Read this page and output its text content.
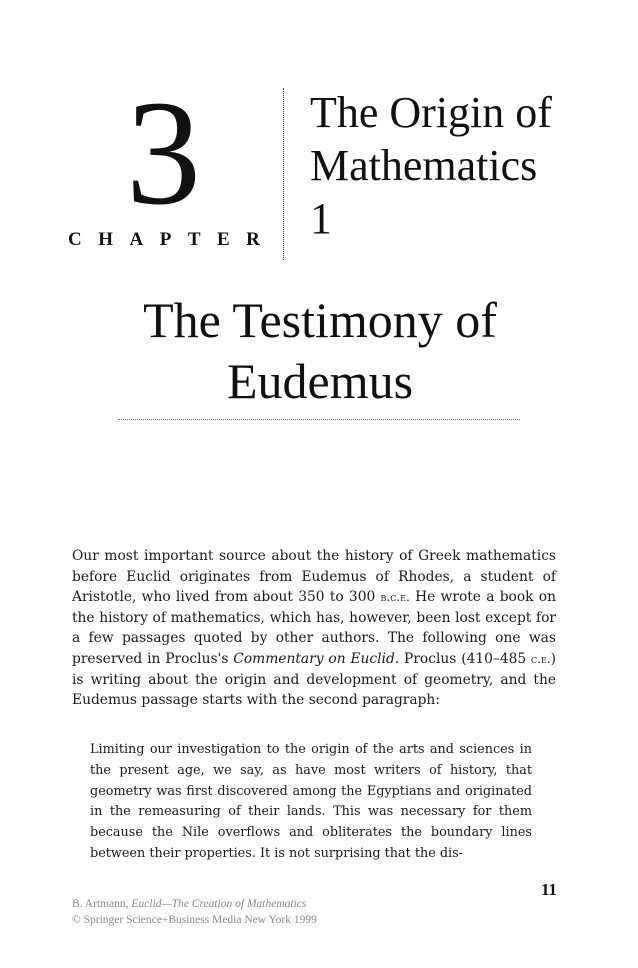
3
CHAPTER
The Origin of
Mathematics
1
The Testimony of
Eudemus
Our most important source about the history of Greek mathematics before Euclid originates from Eudemus of Rhodes, a student of Aristotle, who lived from about 350 to 300 b.c.e. He wrote a book on the history of mathematics, which has, however, been lost except for a few passages quoted by other authors. The following one was preserved in Proclus's Commentary on Euclid. Proclus (410–485 c.e.) is writing about the origin and development of geometry, and the Eudemus passage starts with the second paragraph:
Limiting our investigation to the origin of the arts and sciences in the present age, we say, as have most writers of history, that geometry was first discovered among the Egyptians and originated in the remeasuring of their lands. This was necessary for them because the Nile overflows and obliterates the boundary lines between their properties. It is not surprising that the dis-
11
B. Artmann, Euclid—The Creation of Mathematics
© Springer Science+Business Media New York 1999
